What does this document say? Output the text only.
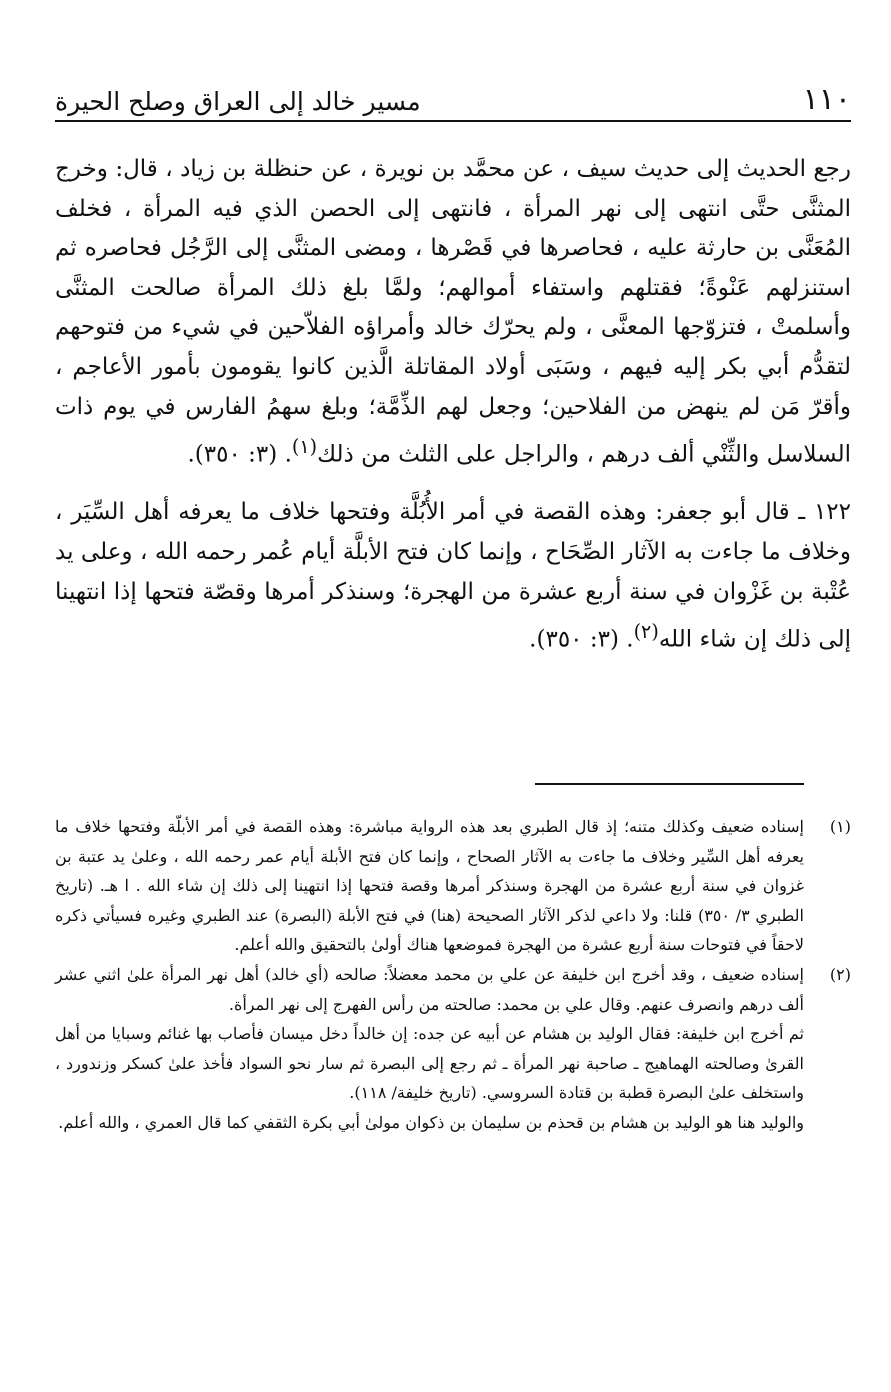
١١٠
مسير خالد إلى العراق وصلح الحيرة

رجع الحديث إلى حديث سيف ، عن محمَّد بن نويرة ، عن حنظلة بن زياد ، قال: وخرج المثنَّى حتَّى انتهى إلى نهر المرأة ، فانتهى إلى الحصن الذي فيه المرأة ، فخلف المُعَنَّى بن حارثة عليه ، فحاصرها في قَصْرها ، ومضى المثنَّى إلى الرَّجُل فحاصره ثم استنزلهم عَنْوةً؛ فقتلهم واستفاء أموالهم؛ ولمَّا بلغ ذلك المرأة صالحت المثنَّى وأسلمتْ ، فتزوّجها المعنَّى ، ولم يحرّك خالد وأمراؤه الفلاّحين في شيء من فتوحهم لتقدُّم أبي بكر إليه فيهم ، وسَبَى أولاد المقاتلة الَّذين كانوا يقومون بأمور الأعاجم ، وأقرّ مَن لم ينهض من الفلاحين؛ وجعل لهم الذِّمَّة؛ وبلغ سهمُ الفارس في يوم ذات السلاسل والثِّنْي ألف درهم ، والراجل على الثلث من ذلك$^{(١)}$. (٣: ٣٥٠).

١٢٢ ـ قال أبو جعفر: وهذه القصة في أمر الأُبُلَّة وفتحها خلاف ما يعرفه أهل السِّيَر ، وخلاف ما جاءت به الآثار الصِّحَاح ، وإنما كان فتح الأبلَّة أيام عُمر رحمه الله ، وعلى يد عُتْبة بن غَزْوان في سنة أربع عشرة من الهجرة؛ وسنذكر أمرها وقصّة فتحها إذا انتهينا إلى ذلك إن شاء الله$^{(٢)}$. (٣: ٣٥٠).

(١)

إسناده ضعيف وكذلك متنه؛ إذ قال الطبري بعد هذه الرواية مباشرة: وهذه القصة في أمر الأبلّة وفتحها خلاف ما يعرفه أهل السِّير وخلاف ما جاءت به الآثار الصحاح ، وإنما كان فتح الأبلة أيام عمر رحمه الله ، وعلىٰ يد عتبة بن غزوان في سنة أربع عشرة من الهجرة وسنذكر أمرها وقصة فتحها إذا انتهينا إلى ذلك إن شاء الله . ا هـ. (تاريخ الطبري ٣/ ٣٥٠) قلنا: ولا داعي لذكر الآثار الصحيحة (هنا) في فتح الأبلة (البصرة) عند الطبري وغيره فسيأتي ذكره لاحقاً في فتوحات سنة أربع عشرة من الهجرة فموضعها هناك أولىٰ بالتحقيق والله أعلم.

(٢)

إسناده ضعيف ، وقد أخرج ابن خليفة عن علي بن محمد معضلاً: صالحه (أي خالد) أهل نهر المرأة علىٰ اثني عشر ألف درهم وانصرف عنهم. وقال علي بن محمد: صالحته من رأس الفهرج إلى نهر المرأة.

ثم أخرج ابن خليفة: فقال الوليد بن هشام عن أبيه عن جده: إن خالداً دخل ميسان فأصاب بها غنائم وسبايا من أهل القرىٰ وصالحته الهماهيج ـ صاحبة نهر المرأة ـ ثم رجع إلى البصرة ثم سار نحو السواد فأخذ علىٰ كسكر وزندورد ، واستخلف علىٰ البصرة قطبة بن قتادة السروسي. (تاريخ خليفة/ ١١٨).

والوليد هنا هو الوليد بن هشام بن قحذم بن سليمان بن ذكوان مولىٰ أبي بكرة الثقفي كما قال العمري ، والله أعلم.
